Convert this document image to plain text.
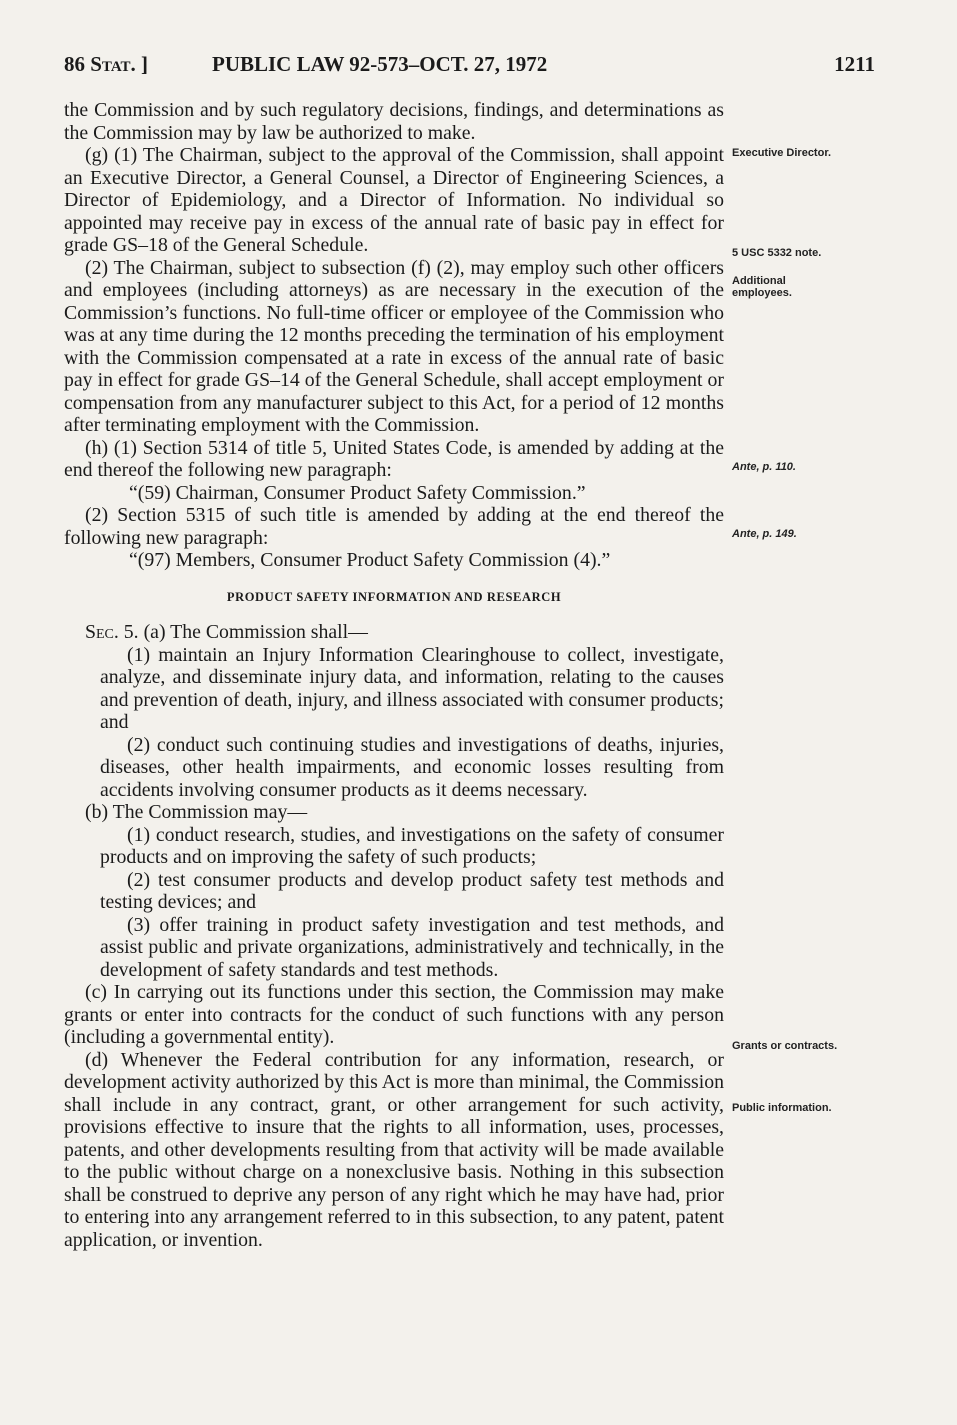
86 Stat. ]	PUBLIC LAW 92-573–OCT. 27, 1972	1211

the Commission and by such regulatory decisions, findings, and determinations as the Commission may by law be authorized to make.

(g) (1) The Chairman, subject to the approval of the Commission, shall appoint an Executive Director, a General Counsel, a Director of Engineering Sciences, a Director of Epidemiology, and a Director of Information. No individual so appointed may receive pay in excess of the annual rate of basic pay in effect for grade GS–18 of the General Schedule.

(2) The Chairman, subject to subsection (f) (2), may employ such other officers and employees (including attorneys) as are necessary in the execution of the Commission’s functions. No full-time officer or employee of the Commission who was at any time during the 12 months preceding the termination of his employment with the Commission compensated at a rate in excess of the annual rate of basic pay in effect for grade GS–14 of the General Schedule, shall accept employment or compensation from any manufacturer subject to this Act, for a period of 12 months after terminating employment with the Commission.

(h) (1) Section 5314 of title 5, United States Code, is amended by adding at the end thereof the following new paragraph:

“(59) Chairman, Consumer Product Safety Commission.”

(2) Section 5315 of such title is amended by adding at the end thereof the following new paragraph:

“(97) Members, Consumer Product Safety Commission (4).”

PRODUCT SAFETY INFORMATION AND RESEARCH

Sec. 5. (a) The Commission shall—

(1) maintain an Injury Information Clearinghouse to collect, investigate, analyze, and disseminate injury data, and information, relating to the causes and prevention of death, injury, and illness associated with consumer products; and

(2) conduct such continuing studies and investigations of deaths, injuries, diseases, other health impairments, and economic losses resulting from accidents involving consumer products as it deems necessary.

(b) The Commission may—

(1) conduct research, studies, and investigations on the safety of consumer products and on improving the safety of such products;

(2) test consumer products and develop product safety test methods and testing devices; and

(3) offer training in product safety investigation and test methods, and assist public and private organizations, administratively and technically, in the development of safety standards and test methods.

(c) In carrying out its functions under this section, the Commission may make grants or enter into contracts for the conduct of such functions with any person (including a governmental entity).

(d) Whenever the Federal contribution for any information, research, or development activity authorized by this Act is more than minimal, the Commission shall include in any contract, grant, or other arrangement for such activity, provisions effective to insure that the rights to all information, uses, processes, patents, and other developments resulting from that activity will be made available to the public without charge on a nonexclusive basis. Nothing in this subsection shall be construed to deprive any person of any right which he may have had, prior to entering into any arrangement referred to in this subsection, to any patent, patent application, or invention.

Executive Director.
5 USC 5332 note.
Additional employees.
Ante, p. 110.
Ante, p. 149.
Grants or contracts.
Public information.
